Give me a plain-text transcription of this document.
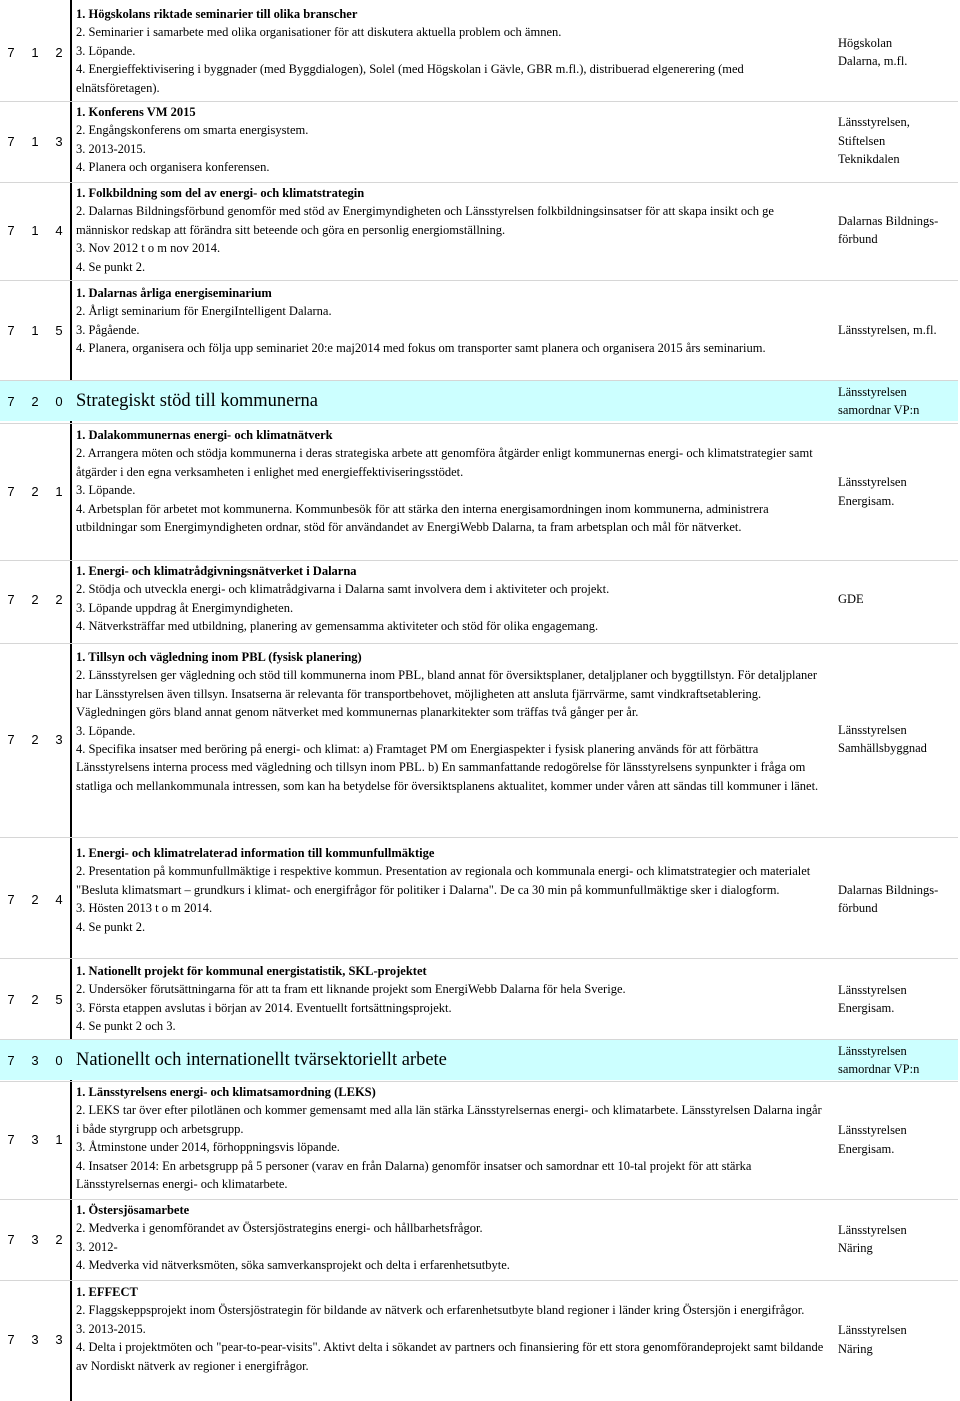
7 1 2

1. Högskolans riktade seminarier till olika branscher

2. Seminarier i samarbete med olika organisationer för att diskutera aktuella problem och ämnen.

3. Löpande.

4. Energieffektivisering i byggnader (med Byggdialogen), Solel (med Högskolan i Gävle, GBR m.fl.), distribuerad elgenerering (med elnätsföretagen).

Högskolan
Dalarna, m.fl.
7 1 3

1. Konferens VM 2015

2. Engångskonferens om smarta energisystem.

3. 2013-2015.

4. Planera och organisera konferensen.

Länsstyrelsen,
Stiftelsen
Teknikdalen
7 1 4

1. Folkbildning som del av energi- och klimatstrategin

2. Dalarnas Bildningsförbund genomför med stöd av Energimyndigheten och Länsstyrelsen folkbildningsinsatser för att skapa insikt och ge människor redskap att förändra sitt beteende och göra en personlig energiomställning.

3. Nov 2012 t o m nov 2014.

4. Se punkt 2.

Dalarnas Bildnings-
förbund
7 1 5

1. Dalarnas årliga energiseminarium

2. Årligt seminarium för EnergiIntelligent Dalarna.

3. Pågående.

4. Planera, organisera och följa upp seminariet 20:e maj2014 med fokus om transporter samt planera och organisera 2015 års seminarium.

Länsstyrelsen, m.fl.
7 2 0 Strategiskt stöd till kommunerna	Länsstyrelsen
samordnar VP:n
7 2 1

1. Dalakommunernas energi- och klimatnätverk

2. Arrangera möten och stödja kommunerna i deras strategiska arbete att genomföra åtgärder enligt kommunernas energi- och klimatstrategier samt åtgärder i den egna verksamheten i enlighet med energieffektiviseringsstödet.

3. Löpande.

4. Arbetsplan för arbetet mot kommunerna. Kommunbesök för att stärka den interna energisamordningen inom kommunerna, administrera utbildningar som Energimyndigheten ordnar, stöd för användandet av EnergiWebb Dalarna, ta fram arbetsplan och mål för nätverket.

Länsstyrelsen
Energisam.
7 2 2

1. Energi- och klimatrådgivningsnätverket i Dalarna

2. Stödja och utveckla energi- och klimatrådgivarna i Dalarna samt involvera dem i aktiviteter och projekt.

3. Löpande uppdrag åt Energimyndigheten.

4. Nätverksträffar med utbildning, planering av gemensamma aktiviteter och stöd för olika engagemang.

GDE
7 2 3

1. Tillsyn och vägledning inom PBL (fysisk planering)

2. Länsstyrelsen ger vägledning och stöd till kommunerna inom PBL, bland annat för översiktsplaner, detaljplaner och byggtillstyn. För detaljplaner har Länsstyrelsen även tillsyn. Insatserna är relevanta för transportbehovet, möjligheten att ansluta fjärrvärme, samt vindkraftsetablering. Vägledningen görs bland annat genom nätverket med kommunernas planarkitekter som träffas två gånger per år.

3. Löpande.

4. Specifika insatser med beröring på energi- och klimat: a) Framtaget PM om Energiaspekter i fysisk planering används för att förbättra Länsstyrelsens interna process med vägledning och tillsyn inom PBL. b) En sammanfattande redogörelse för länsstyrelsens synpunkter i fråga om statliga och mellankommunala intressen, som kan ha betydelse för översiktsplanens aktualitet, kommer under våren att sändas till kommuner i länet.

Länsstyrelsen
Samhällsbyggnad
7 2 4

1. Energi- och klimatrelaterad information till kommunfullmäktige

2. Presentation på kommunfullmäktige i respektive kommun. Presentation av regionala och kommunala energi- och klimatstrategier och materialet "Besluta klimatsmart – grundkurs i klimat- och energifrågor för politiker i Dalarna". De ca 30 min på kommunfullmäktige sker i dialogform.

3. Hösten 2013 t o m 2014.

4. Se punkt 2.

Dalarnas Bildnings-
förbund
7 2 5

1. Nationellt projekt för kommunal energistatistik, SKL-projektet

2. Undersöker förutsättningarna för att ta fram ett liknande projekt som EnergiWebb Dalarna för hela Sverige.

3. Första etappen avslutas i början av 2014. Eventuellt fortsättningsprojekt.

4. Se punkt 2 och 3.

Länsstyrelsen
Energisam.
7 3 0 Nationellt och internationellt tvärsektoriellt arbete	Länsstyrelsen
samordnar VP:n
7 3 1

1. Länsstyrelsens energi- och klimatsamordning (LEKS)

2. LEKS tar över efter pilotlänen och kommer gemensamt med alla län stärka Länsstyrelsernas energi- och klimatarbete. Länsstyrelsen Dalarna ingår i både styrgrupp och arbetsgrupp.

3. Åtminstone under 2014, förhoppningsvis löpande.

4. Insatser 2014: En arbetsgrupp på 5 personer (varav en från Dalarna) genomför insatser och samordnar ett 10-tal projekt för att stärka Länsstyrelsernas energi- och klimatarbete.

Länsstyrelsen
Energisam.
7 3 2

1. Östersjösamarbete

2. Medverka i genomförandet av Östersjöstrategins energi- och hållbarhetsfrågor.

3. 2012-

4. Medverka vid nätverksmöten, söka samverkansprojekt och delta i erfarenhetsutbyte.

Länsstyrelsen
Näring
7 3 3

1. EFFECT

2. Flaggskeppsprojekt inom Östersjöstrategin för bildande av nätverk och erfarenhetsutbyte bland regioner i länder kring Östersjön i energifrågor.

3. 2013-2015.

4. Delta i projektmöten och "pear-to-pear-visits". Aktivt delta i sökandet av partners och finansiering för ett stora genomförandeprojekt samt bildande av Nordiskt nätverk av regioner i energifrågor.

Länsstyrelsen
Näring
